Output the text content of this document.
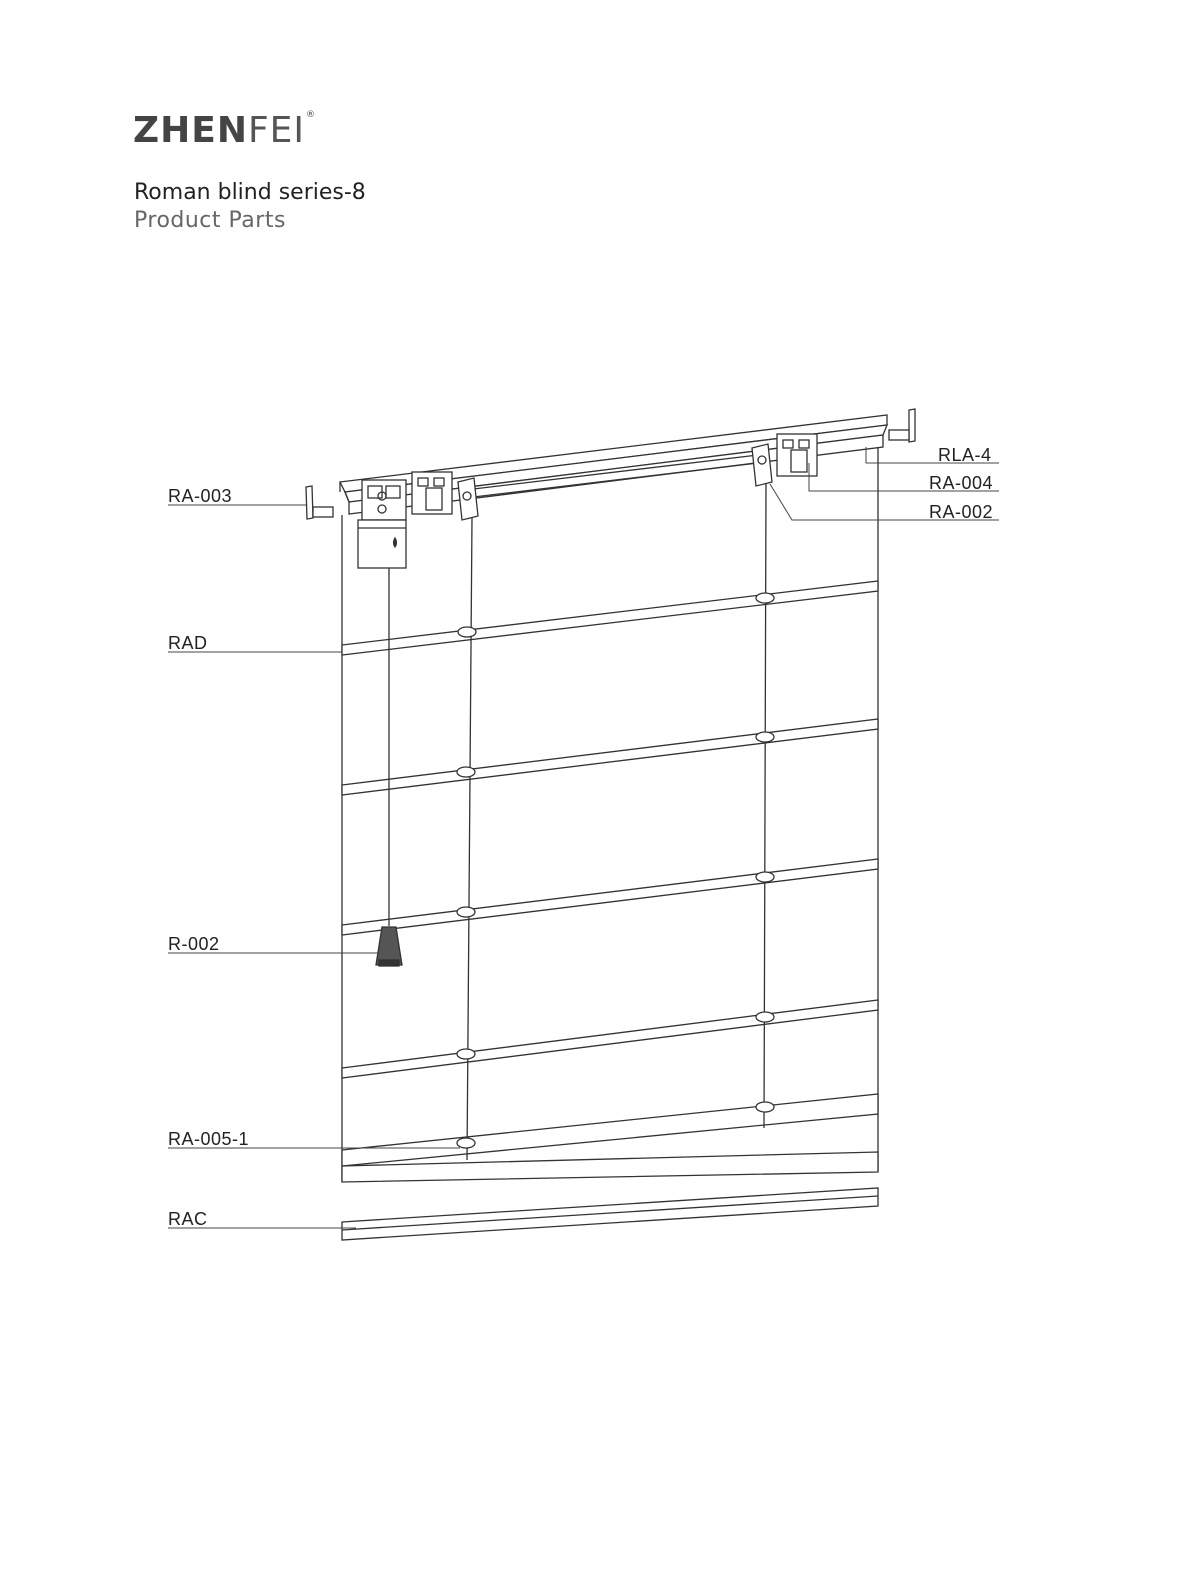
ZHENFEI®
Roman blind series-8
Product Parts
RLA-4
RA-004
RA-002
RA-003
RAD
R-002
RA-005-1
RAC
